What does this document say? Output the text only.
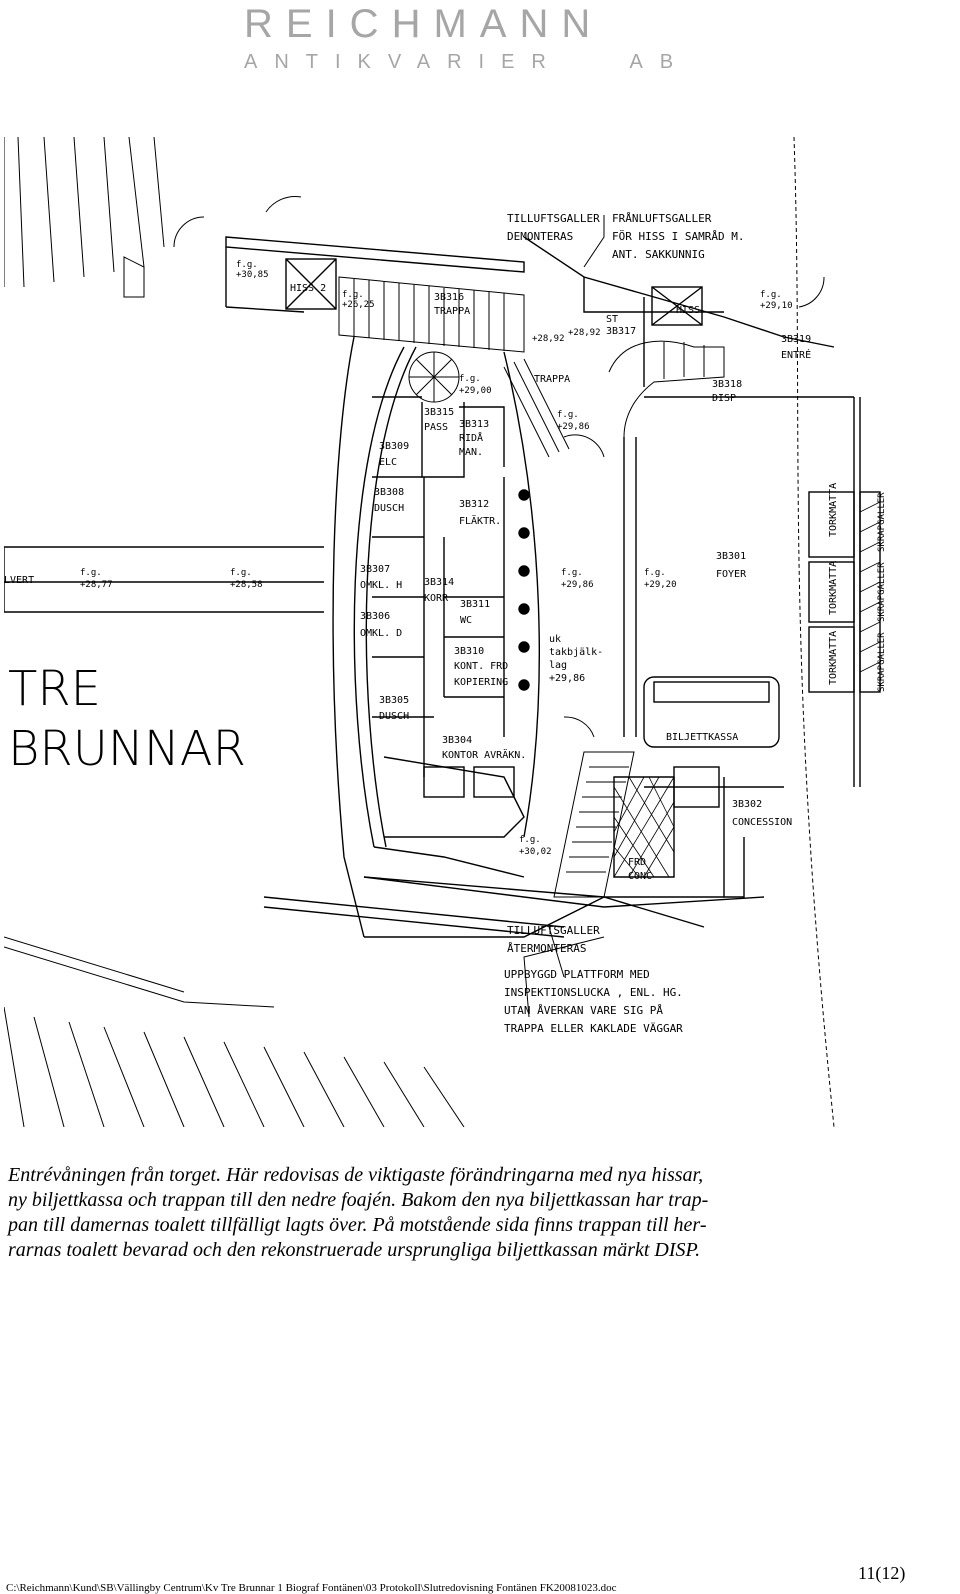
REICHMANN
ANTIKVARIER   AB
TRE
BRUNNAR
TILLUFTSGALLER
DEMONTERAS
FRÅNLUFTSGALLER
FÖR HISS I SAMRÅD M.
ANT. SAKKUNNIG
TILLUFTSGALLER
ÅTERMONTERAS
UPPBYGGD PLATTFORM MED
INSPEKTIONSLUCKA , ENL. HG.
UTAN ÅVERKAN VARE SIG PÅ
TRAPPA ELLER KAKLADE VÄGGAR
HISS 2
HISS
3B316
TRAPPA
ST
3B317
3B319
ENTRÉ
TRAPPA	3B318
DISP
3B315
PASS 3B313
RIDÅ
MAN.
3B309
ELC
3B308
DUSCH	3B312
FLÄKTR.
3B307
OMKL. H 3B314
KORR
3B306
OMKL. D
3B311
WC
3B310
KONT. FRD
KOPIERING
3B305
DUSCH
3B304
KONTOR AVRÄKN.
3B301
FOYER
BILJETTKASSA
3B302
CONCESSION
FRD
CONC
LVERT
uk
takbjälk-
lag
+29,86
TORKMATTA
TORKMATTA
TORKMATTA
SKRAPGALLER
SKRAPGALLER
SKRAPGALLER
f.g.
+30,85
f.g.
+26,25
+28,92
+28,92
f.g.
+29,10
f.g.
+29,00
f.g.
+29,86
f.g.
+28,77
f.g.
+28,58
f.g.
+29,86
f.g.
+29,20
f.g.
+30,02
Entrévåningen från torget. Här redovisas de viktigaste förändringarna med nya hissar,
ny biljettkassa och trappan till den nedre foajén. Bakom den nya biljettkassan har trap-
pan till damernas toalett tillfälligt lagts över. På motstående sida finns trappan till her-
rarnas toalett bevarad och den rekonstruerade ursprungliga biljettkassan märkt DISP.
11(12)
C:\Reichmann\Kund\SB\Vällingby Centrum\Kv Tre Brunnar 1 Biograf Fontänen\03 Protokoll\Slutredovisning Fontänen FK20081023.doc
